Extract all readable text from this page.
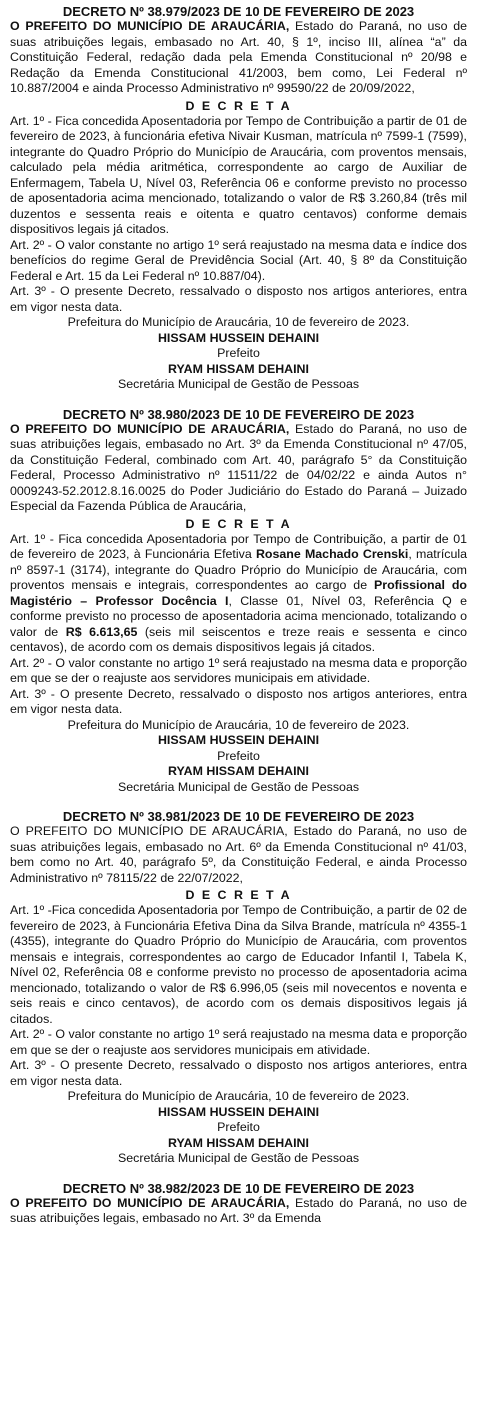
DECRETO Nº 38.979/2023 DE 10 DE FEVEREIRO DE 2023

O PREFEITO DO MUNICÍPIO DE ARAUCÁRIA, Estado do Paraná, no uso de suas atribuições legais, embasado no Art. 40, § 1º, inciso III, alínea “a” da Constituição Federal, redação dada pela Emenda Constitucional nº 20/98 e Redação da Emenda Constitucional 41/2003, bem como, Lei Federal nº 10.887/2004 e ainda Processo Administrativo nº 99590/22 de 20/09/2022,

D E C R E T A

Art. 1º - Fica concedida Aposentadoria por Tempo de Contribuição a partir de 01 de fevereiro de 2023, à funcionária efetiva Nivair Kusman, matrícula nº 7599-1 (7599), integrante do Quadro Próprio do Município de Araucária, com proventos mensais, calculado pela média aritmética, correspondente ao cargo de Auxiliar de Enfermagem, Tabela U, Nível 03, Referência 06 e conforme previsto no processo de aposentadoria acima mencionado, totalizando o valor de R$ 3.260,84 (três mil duzentos e sessenta reais e oitenta e quatro centavos) conforme demais dispositivos legais já citados.

Art. 2º - O valor constante no artigo 1º será reajustado na mesma data e índice dos benefícios do regime Geral de Previdência Social (Art. 40, § 8º da Constituição Federal e Art. 15 da Lei Federal nº 10.887/04).

Art. 3º - O presente Decreto, ressalvado o disposto nos artigos anteriores, entra em vigor nesta data.

Prefeitura do Município de Araucária, 10 de fevereiro de 2023.

HISSAM HUSSEIN DEHAINI

Prefeito

RYAM HISSAM DEHAINI

Secretária Municipal de Gestão de Pessoas

DECRETO Nº 38.980/2023 DE 10 DE FEVEREIRO DE 2023

O PREFEITO DO MUNICÍPIO DE ARAUCÁRIA, Estado do Paraná, no uso de suas atribuições legais, embasado no Art. 3º da Emenda Constitucional nº 47/05, da Constituição Federal, combinado com Art. 40, parágrafo 5° da Constituição Federal, Processo Administrativo nº 11511/22 de 04/02/22 e ainda Autos n° 0009243-52.2012.8.16.0025 do Poder Judiciário do Estado do Paraná – Juizado Especial da Fazenda Pública de Araucária,

D E C R E T A

Art. 1º - Fica concedida Aposentadoria por Tempo de Contribuição, a partir de 01 de fevereiro de 2023, à Funcionária Efetiva Rosane Machado Crenski, matrícula nº 8597-1 (3174), integrante do Quadro Próprio do Município de Araucária, com proventos mensais e integrais, correspondentes ao cargo de Profissional do Magistério – Professor Docência I, Classe 01, Nível 03, Referência Q e conforme previsto no processo de aposentadoria acima mencionado, totalizando o valor de R$ 6.613,65 (seis mil seiscentos e treze reais e sessenta e cinco centavos), de acordo com os demais dispositivos legais já citados.

Art. 2º - O valor constante no artigo 1º será reajustado na mesma data e proporção em que se der o reajuste aos servidores municipais em atividade.

Art. 3º - O presente Decreto, ressalvado o disposto nos artigos anteriores, entra em vigor nesta data.

Prefeitura do Município de Araucária, 10 de fevereiro de 2023.

HISSAM HUSSEIN DEHAINI

Prefeito

RYAM HISSAM DEHAINI

Secretária Municipal de Gestão de Pessoas

DECRETO Nº 38.981/2023 DE 10 DE FEVEREIRO DE 2023

O PREFEITO DO MUNICÍPIO DE ARAUCÁRIA, Estado do Paraná, no uso de suas atribuições legais, embasado no Art. 6º da Emenda Constitucional nº 41/03, bem como no Art. 40, parágrafo 5º, da Constituição Federal, e ainda Processo Administrativo nº 78115/22 de 22/07/2022,

D E C R E T A

Art. 1º -Fica concedida Aposentadoria por Tempo de Contribuição, a partir de 02 de fevereiro de 2023, à Funcionária Efetiva Dina da Silva Brande, matrícula nº 4355-1 (4355), integrante do Quadro Próprio do Município de Araucária, com proventos mensais e integrais, correspondentes ao cargo de Educador Infantil I, Tabela K, Nível 02, Referência 08 e conforme previsto no processo de aposentadoria acima mencionado, totalizando o valor de R$ 6.996,05 (seis mil novecentos e noventa e seis reais e cinco centavos), de acordo com os demais dispositivos legais já citados.

Art. 2º - O valor constante no artigo 1º será reajustado na mesma data e proporção em que se der o reajuste aos servidores municipais em atividade.

Art. 3º - O presente Decreto, ressalvado o disposto nos artigos anteriores, entra em vigor nesta data.

Prefeitura do Município de Araucária, 10 de fevereiro de 2023.

HISSAM HUSSEIN DEHAINI

Prefeito

RYAM HISSAM DEHAINI

Secretária Municipal de Gestão de Pessoas

DECRETO Nº 38.982/2023 DE 10 DE FEVEREIRO DE 2023

O PREFEITO DO MUNICÍPIO DE ARAUCÁRIA, Estado do Paraná, no uso de suas atribuições legais, embasado no Art. 3º da Emenda
